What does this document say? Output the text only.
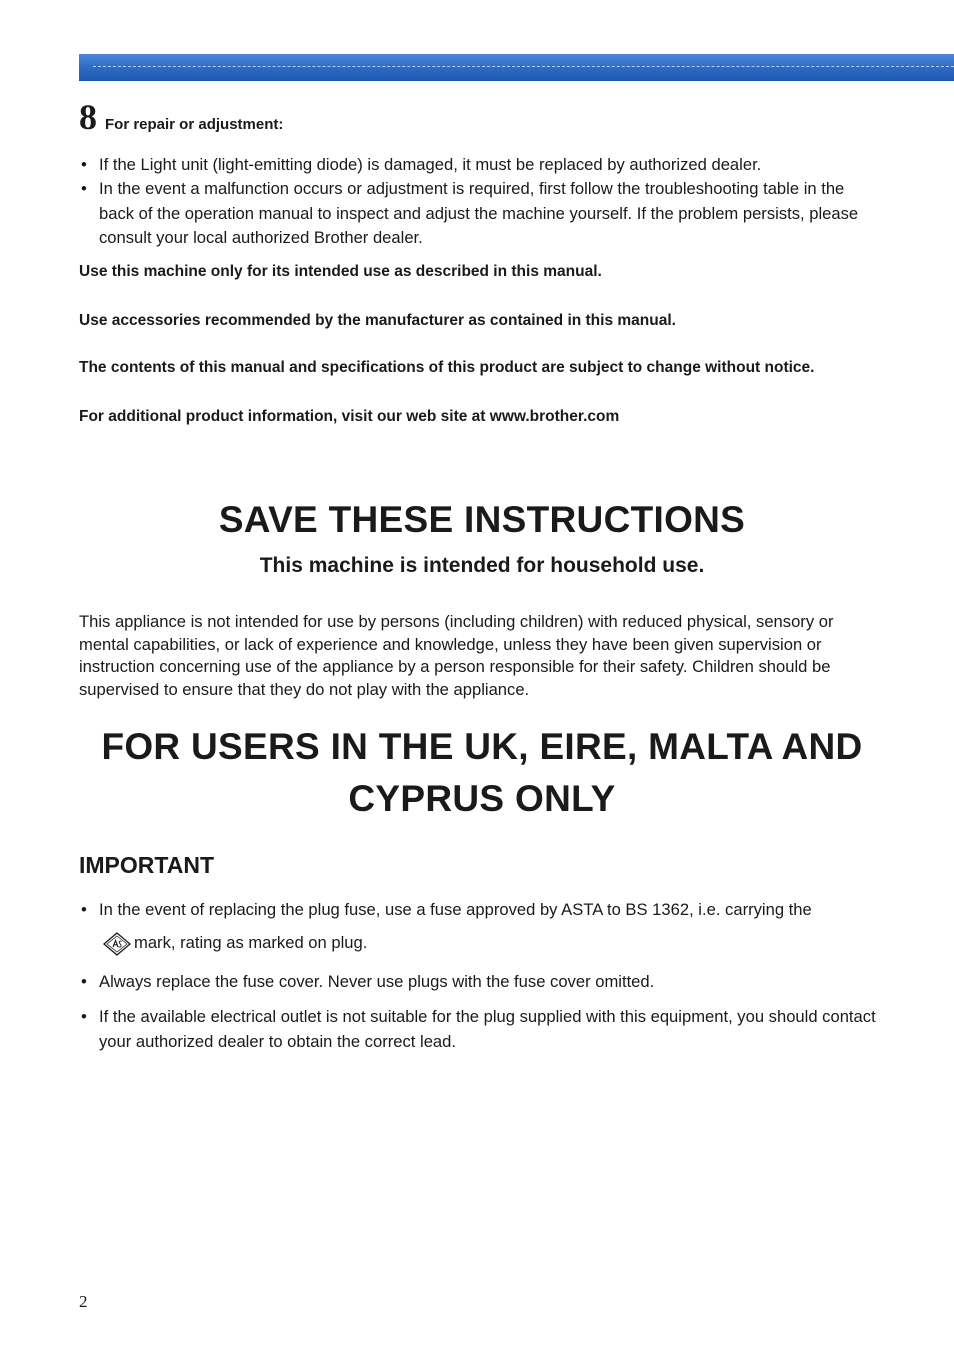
8 For repair or adjustment:
• If the Light unit (light-emitting diode) is damaged, it must be replaced by authorized dealer.
• In the event a malfunction occurs or adjustment is required, first follow the troubleshooting table in the back of the operation manual to inspect and adjust the machine yourself. If the problem persists, please consult your local authorized Brother dealer.
Use this machine only for its intended use as described in this manual.
Use accessories recommended by the manufacturer as contained in this manual.
The contents of this manual and specifications of this product are subject to change without notice.
For additional product information, visit our web site at www.brother.com
SAVE THESE INSTRUCTIONS
This machine is intended for household use.
This appliance is not intended for use by persons (including children) with reduced physical, sensory or mental capabilities, or lack of experience and knowledge, unless they have been given supervision or instruction concerning use of the appliance by a person responsible for their safety. Children should be supervised to ensure that they do not play with the appliance.
FOR USERS IN THE UK, EIRE, MALTA AND CYPRUS ONLY
IMPORTANT
• In the event of replacing the plug fuse, use a fuse approved by ASTA to BS 1362, i.e. carrying the
mark, rating as marked on plug.
• Always replace the fuse cover. Never use plugs with the fuse cover omitted.
• If the available electrical outlet is not suitable for the plug supplied with this equipment, you should contact your authorized dealer to obtain the correct lead.
2
